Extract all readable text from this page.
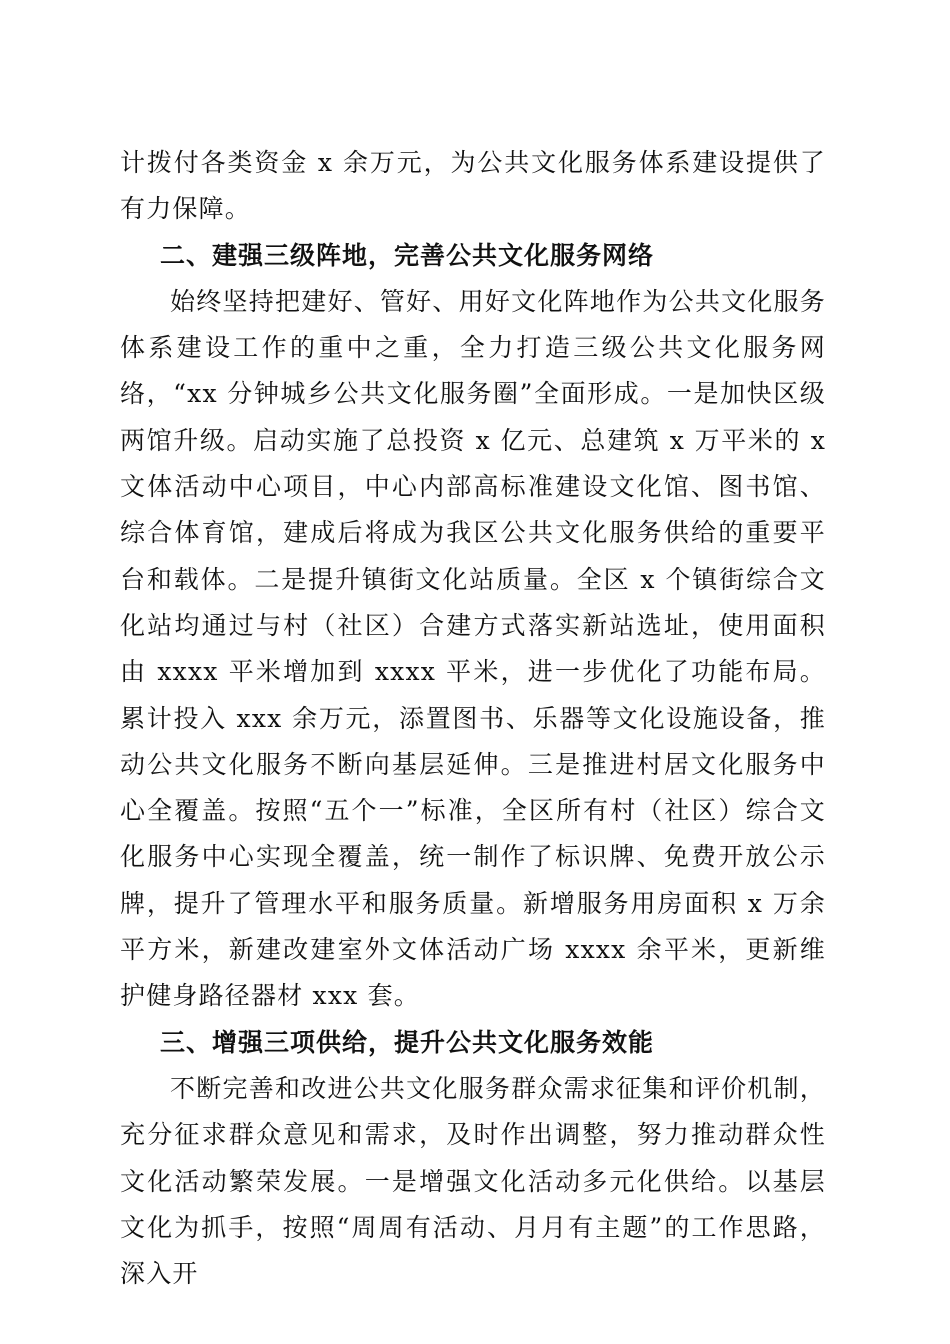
计拨付各类资金 x 余万元，为公共文化服务体系建设提供了有力保障。

二、建强三级阵地，完善公共文化服务网络

始终坚持把建好、管好、用好文化阵地作为公共文化服务体系建设工作的重中之重，全力打造三级公共文化服务网络，“xx 分钟城乡公共文化服务圈”全面形成。一是加快区级两馆升级。启动实施了总投资 x 亿元、总建筑 x 万平米的 x 文体活动中心项目，中心内部高标准建设文化馆、图书馆、综合体育馆，建成后将成为我区公共文化服务供给的重要平台和载体。二是提升镇街文化站质量。全区 x 个镇街综合文化站均通过与村（社区）合建方式落实新站选址，使用面积由 xxxx 平米增加到 xxxx 平米，进一步优化了功能布局。累计投入 xxx 余万元，添置图书、乐器等文化设施设备，推动公共文化服务不断向基层延伸。三是推进村居文化服务中心全覆盖。按照“五个一”标准，全区所有村（社区）综合文化服务中心实现全覆盖，统一制作了标识牌、免费开放公示牌，提升了管理水平和服务质量。新增服务用房面积 x 万余平方米，新建改建室外文体活动广场 xxxx 余平米，更新维护健身路径器材 xxx 套。

三、增强三项供给，提升公共文化服务效能

不断完善和改进公共文化服务群众需求征集和评价机制，充分征求群众意见和需求，及时作出调整，努力推动群众性文化活动繁荣发展。一是增强文化活动多元化供给。以基层文化为抓手，按照“周周有活动、月月有主题”的工作思路，深入开
